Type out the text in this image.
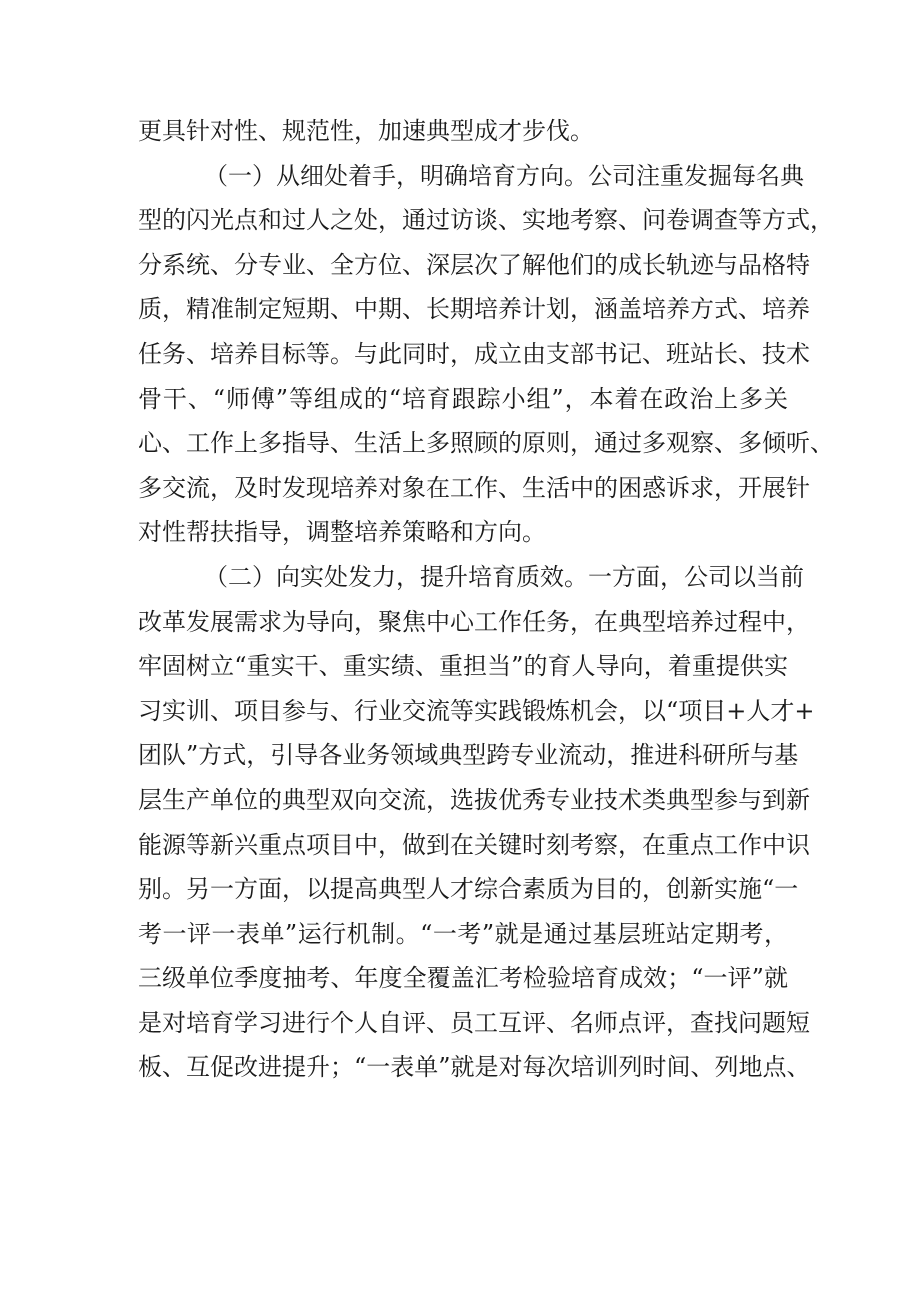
更具针对性、规范性，加速典型成才步伐。
（一）从细处着手，明确培育方向。公司注重发掘每名典
型的闪光点和过人之处，通过访谈、实地考察、问卷调查等方式，
分系统、分专业、全方位、深层次了解他们的成长轨迹与品格特
质，精准制定短期、中期、长期培养计划，涵盖培养方式、培养
任务、培养目标等。与此同时，成立由支部书记、班站长、技术
骨干、“师傅”等组成的“培育跟踪小组”，本着在政治上多关
心、工作上多指导、生活上多照顾的原则，通过多观察、多倾听、
多交流，及时发现培养对象在工作、生活中的困惑诉求，开展针
对性帮扶指导，调整培养策略和方向。
（二）向实处发力，提升培育质效。一方面，公司以当前
改革发展需求为导向，聚焦中心工作任务，在典型培养过程中，
牢固树立“重实干、重实绩、重担当”的育人导向，着重提供实
习实训、项目参与、行业交流等实践锻炼机会，以“项目+人才+
团队”方式，引导各业务领域典型跨专业流动，推进科研所与基
层生产单位的典型双向交流，选拔优秀专业技术类典型参与到新
能源等新兴重点项目中，做到在关键时刻考察，在重点工作中识
别。另一方面，以提高典型人才综合素质为目的，创新实施“一
考一评一表单”运行机制。“一考”就是通过基层班站定期考，
三级单位季度抽考、年度全覆盖汇考检验培育成效；“一评”就
是对培育学习进行个人自评、员工互评、名师点评，查找问题短
板、互促改进提升；“一表单”就是对每次培训列时间、列地点、
